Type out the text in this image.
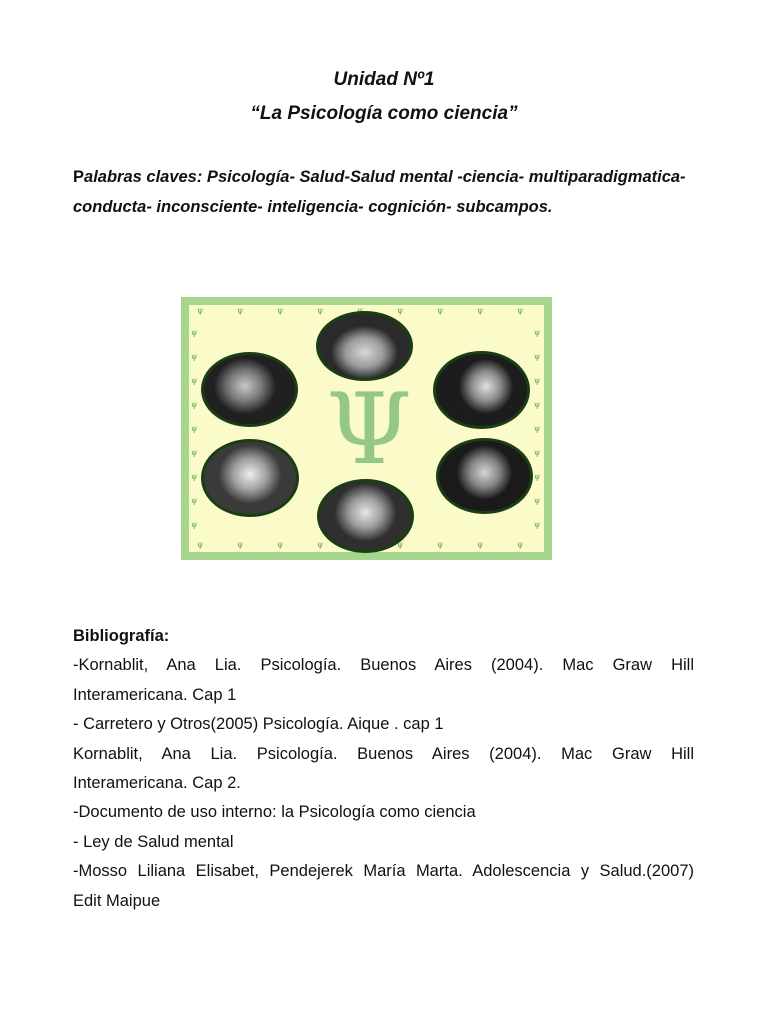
Unidad Nº1
“La Psicología como ciencia”
Palabras claves: Psicología- Salud-Salud mental -ciencia- multiparadigmatica- conducta- inconsciente- inteligencia- cognición- subcampos.
ψ
ψ
ψ
ψ
ψ
ψ
ψ
ψ
ψ
ψ
ψ
ψ
ψ
ψ
ψ
ψ
ψ	ψ
ψ	ψ
ψ	ψ
ψ	ψ
ψ	ψ
ψ	ψ
ψ	ψ
ψ	ψ
ψ	ψ
Ψ
Bibliografía:
-Kornablit, Ana Lia. Psicología. Buenos Aires (2004). Mac Graw Hill
Interamericana. Cap 1
- Carretero y Otros(2005) Psicología. Aique . cap 1
Kornablit, Ana Lia. Psicología. Buenos Aires (2004). Mac Graw Hill
Interamericana. Cap 2.
-Documento de uso interno: la Psicología como ciencia
- Ley de Salud mental
-Mosso Liliana Elisabet, Pendejerek María Marta. Adolescencia y Salud.(2007)
Edit Maipue
